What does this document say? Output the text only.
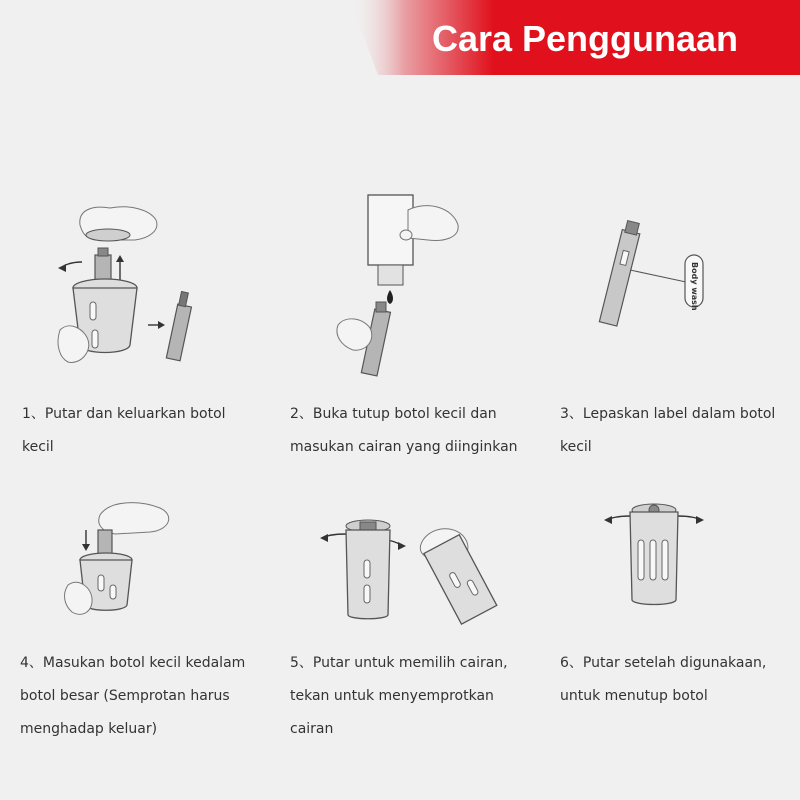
Cara Penggunaan

1、Putar dan keluarkan botol

kecil

2、Buka tutup botol kecil dan

masukan cairan yang diinginkan

Body wash

3、Lepaskan label dalam botol

kecil

4、Masukan botol kecil kedalam

botol besar (Semprotan harus

menghadap keluar)

5、Putar untuk memilih cairan,

tekan untuk menyemprotkan

cairan

6、Putar setelah digunakaan,

untuk menutup botol
